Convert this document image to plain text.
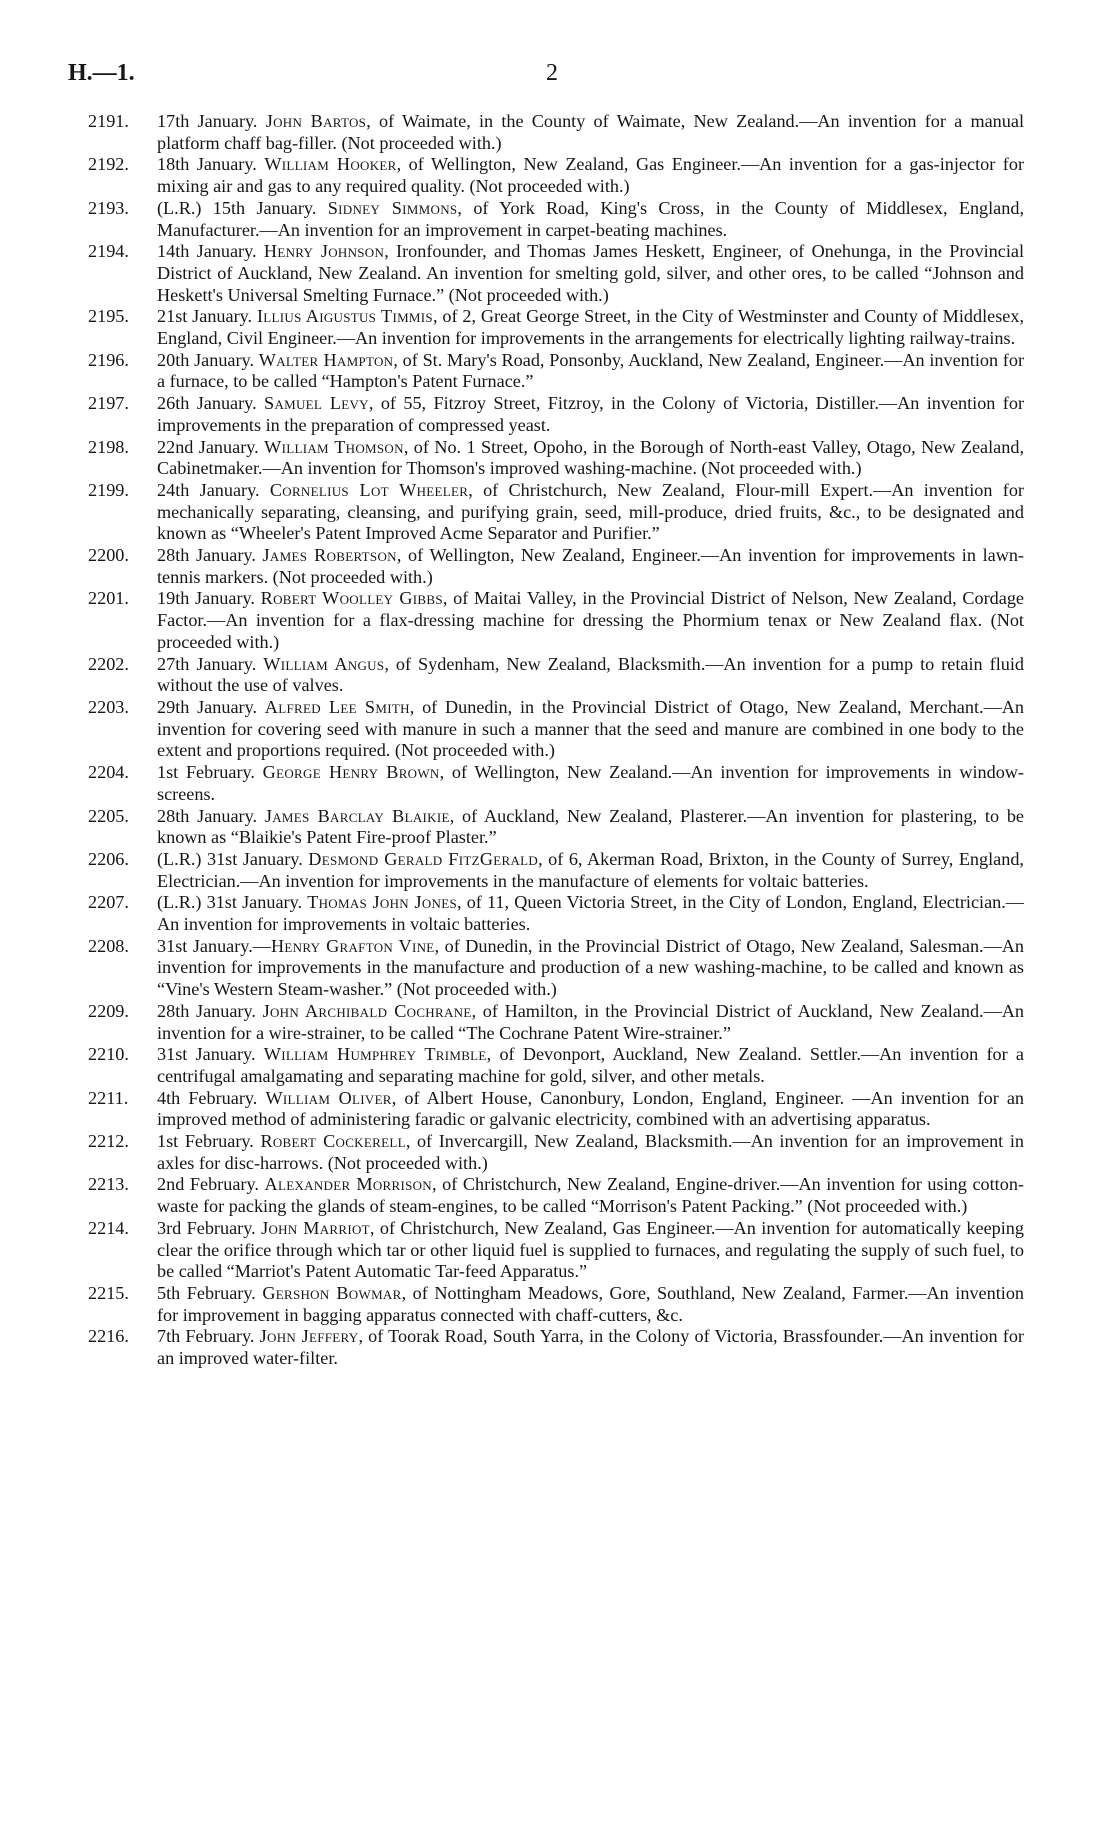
H.—1.	2
2191. 17th January. John Bartos, of Waimate, in the County of Waimate, New Zealand.—An invention for a manual platform chaff bag-filler. (Not proceeded with.)
2192. 18th January. William Hooker, of Wellington, New Zealand, Gas Engineer.—An invention for a gas-injector for mixing air and gas to any required quality. (Not proceeded with.)
2193. (L.R.) 15th January. Sidney Simmons, of York Road, King's Cross, in the County of Middlesex, England, Manufacturer.—An invention for an improvement in carpet-beating machines.
2194. 14th January. Henry Johnson, Ironfounder, and Thomas James Heskett, Engineer, of Onehunga, in the Provincial District of Auckland, New Zealand. An invention for smelting gold, silver, and other ores, to be called “Johnson and Heskett's Universal Smelting Furnace.” (Not proceeded with.)
2195. 21st January. Illius Aigustus Timmis, of 2, Great George Street, in the City of Westminster and County of Middlesex, England, Civil Engineer.—An invention for improvements in the arrangements for electrically lighting railway-trains.
2196. 20th January. Walter Hampton, of St. Mary's Road, Ponsonby, Auckland, New Zealand, Engineer.—An invention for a furnace, to be called “Hampton's Patent Furnace.”
2197. 26th January. Samuel Levy, of 55, Fitzroy Street, Fitzroy, in the Colony of Victoria, Distiller.—An invention for improvements in the preparation of compressed yeast.
2198. 22nd January. William Thomson, of No. 1 Street, Opoho, in the Borough of North-east Valley, Otago, New Zealand, Cabinetmaker.—An invention for Thomson's improved washing-machine. (Not proceeded with.)
2199. 24th January. Cornelius Lot Wheeler, of Christchurch, New Zealand, Flour-mill Expert.—An invention for mechanically separating, cleansing, and purifying grain, seed, mill-produce, dried fruits, &c., to be designated and known as “Wheeler's Patent Improved Acme Separator and Purifier.”
2200. 28th January. James Robertson, of Wellington, New Zealand, Engineer.—An invention for improvements in lawn-tennis markers. (Not proceeded with.)
2201. 19th January. Robert Woolley Gibbs, of Maitai Valley, in the Provincial District of Nelson, New Zealand, Cordage Factor.—An invention for a flax-dressing machine for dressing the Phormium tenax or New Zealand flax. (Not proceeded with.)
2202. 27th January. William Angus, of Sydenham, New Zealand, Blacksmith.—An invention for a pump to retain fluid without the use of valves.
2203. 29th January. Alfred Lee Smith, of Dunedin, in the Provincial District of Otago, New Zealand, Merchant.—An invention for covering seed with manure in such a manner that the seed and manure are combined in one body to the extent and proportions required. (Not proceeded with.)
2204. 1st February. George Henry Brown, of Wellington, New Zealand.—An invention for improvements in window-screens.
2205. 28th January. James Barclay Blaikie, of Auckland, New Zealand, Plasterer.—An invention for plastering, to be known as “Blaikie's Patent Fire-proof Plaster.”
2206. (L.R.) 31st January. Desmond Gerald FitzGerald, of 6, Akerman Road, Brixton, in the County of Surrey, England, Electrician.—An invention for improvements in the manufacture of elements for voltaic batteries.
2207. (L.R.) 31st January. Thomas John Jones, of 11, Queen Victoria Street, in the City of London, England, Electrician.—An invention for improvements in voltaic batteries.
2208. 31st January.—Henry Grafton Vine, of Dunedin, in the Provincial District of Otago, New Zealand, Salesman.—An invention for improvements in the manufacture and production of a new washing-machine, to be called and known as “Vine's Western Steam-washer.” (Not proceeded with.)
2209. 28th January. John Archibald Cochrane, of Hamilton, in the Provincial District of Auckland, New Zealand.—An invention for a wire-strainer, to be called “The Cochrane Patent Wire-strainer.”
2210. 31st January. William Humphrey Trimble, of Devonport, Auckland, New Zealand. Settler.—An invention for a centrifugal amalgamating and separating machine for gold, silver, and other metals.
2211. 4th February. William Oliver, of Albert House, Canonbury, London, England, Engineer. —An invention for an improved method of administering faradic or galvanic electricity, combined with an advertising apparatus.
2212. 1st February. Robert Cockerell, of Invercargill, New Zealand, Blacksmith.—An invention for an improvement in axles for disc-harrows. (Not proceeded with.)
2213. 2nd February. Alexander Morrison, of Christchurch, New Zealand, Engine-driver.—An invention for using cotton-waste for packing the glands of steam-engines, to be called “Morrison's Patent Packing.” (Not proceeded with.)
2214. 3rd February. John Marriot, of Christchurch, New Zealand, Gas Engineer.—An invention for automatically keeping clear the orifice through which tar or other liquid fuel is supplied to furnaces, and regulating the supply of such fuel, to be called “Marriot's Patent Automatic Tar-feed Apparatus.”
2215. 5th February. Gershon Bowmar, of Nottingham Meadows, Gore, Southland, New Zealand, Farmer.—An invention for improvement in bagging apparatus connected with chaff-cutters, &c.
2216. 7th February. John Jeffery, of Toorak Road, South Yarra, in the Colony of Victoria, Brassfounder.—An invention for an improved water-filter.
